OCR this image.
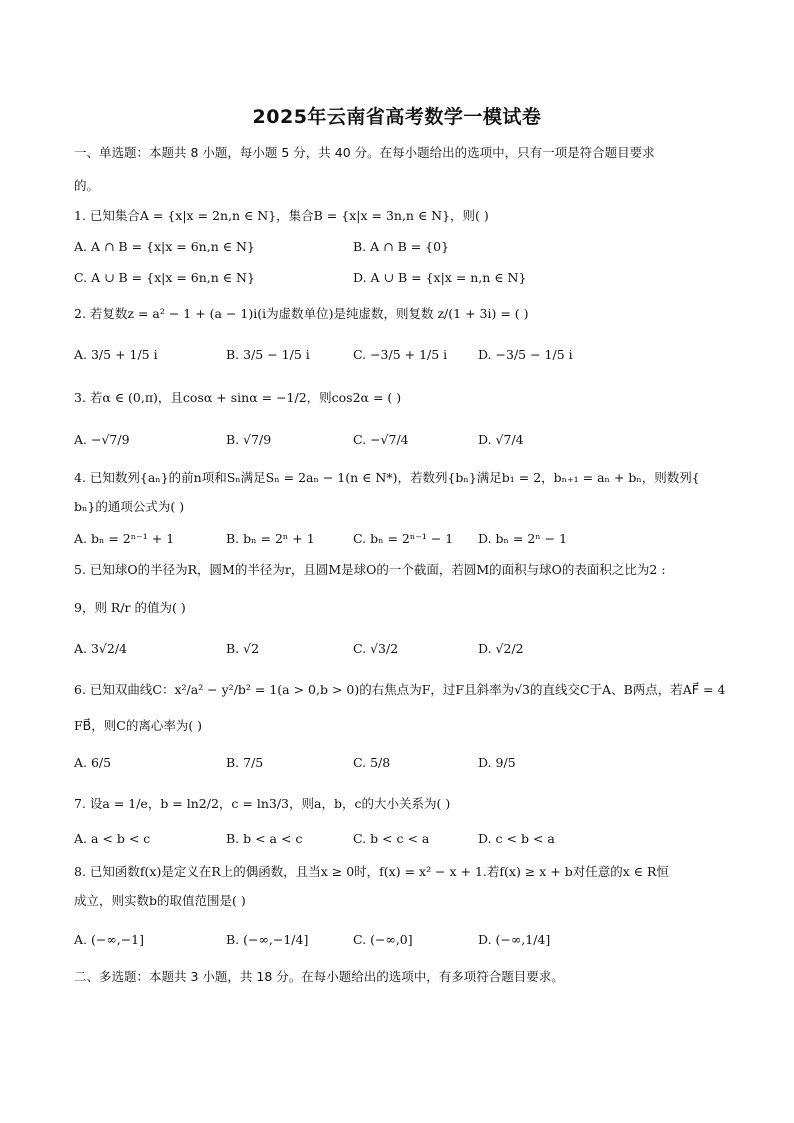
2025年云南省高考数学一模试卷
一、单选题：本题共 8 小题，每小题 5 分，共 40 分。在每小题给出的选项中，只有一项是符合题目要求
的。
1. 已知集合A = {x|x = 2n,n ∈ N}，集合B = {x|x = 3n,n ∈ N}，则( )
A. A ∩ B = {x|x = 6n,n ∈ N}	B. A ∩ B = {0}
C. A ∪ B = {x|x = 6n,n ∈ N}	D. A ∪ B = {x|x = n,n ∈ N}
2. 若复数z = a² − 1 + (a − 1)i(i为虚数单位)是纯虚数，则复数 z/(1 + 3i) = ( )
A. 3/5 + 1/5 i	B. 3/5 − 1/5 i	C. −3/5 + 1/5 i D. −3/5 − 1/5 i
3. 若α ∈ (0,π)，且cosα + sinα = −1/2，则cos2α = ( )
A. −√7/9	B. √7/9	C. −√7/4	D. √7/4
4. 已知数列{aₙ}的前n项和Sₙ满足Sₙ = 2aₙ − 1(n ∈ N*)，若数列{bₙ}满足b₁ = 2，bₙ₊₁ = aₙ + bₙ，则数列{
bₙ}的通项公式为( )
A. bₙ = 2ⁿ⁻¹ + 1	B. bₙ = 2ⁿ + 1	C. bₙ = 2ⁿ⁻¹ − 1 D. bₙ = 2ⁿ − 1
5. 已知球O的半径为R，圆M的半径为r，且圆M是球O的一个截面，若圆M的面积与球O的表面积之比为2 :
9，则 R/r 的值为( )
A. 3√2/4	B. √2	C. √3/2	D. √2/2
6. 已知双曲线C：x²/a² − y²/b² = 1(a > 0,b > 0)的右焦点为F，过F且斜率为√3的直线交C于A、B两点，若AF⃗ = 4
FB⃗，则C的离心率为( )
A. 6/5	B. 7/5	C. 5/8	D. 9/5
7. 设a = 1/e，b = ln2/2，c = ln3/3，则a，b，c的大小关系为( )
A. a < b < c	B. b < a < c	C. b < c < a	D. c < b < a
8. 已知函数f(x)是定义在R上的偶函数，且当x ≥ 0时，f(x) = x² − x + 1.若f(x) ≥ x + b对任意的x ∈ R恒
成立，则实数b的取值范围是( )
A. (−∞,−1]	B. (−∞,−1/4]	C. (−∞,0]	D. (−∞,1/4]
二、多选题：本题共 3 小题，共 18 分。在每小题给出的选项中，有多项符合题目要求。
